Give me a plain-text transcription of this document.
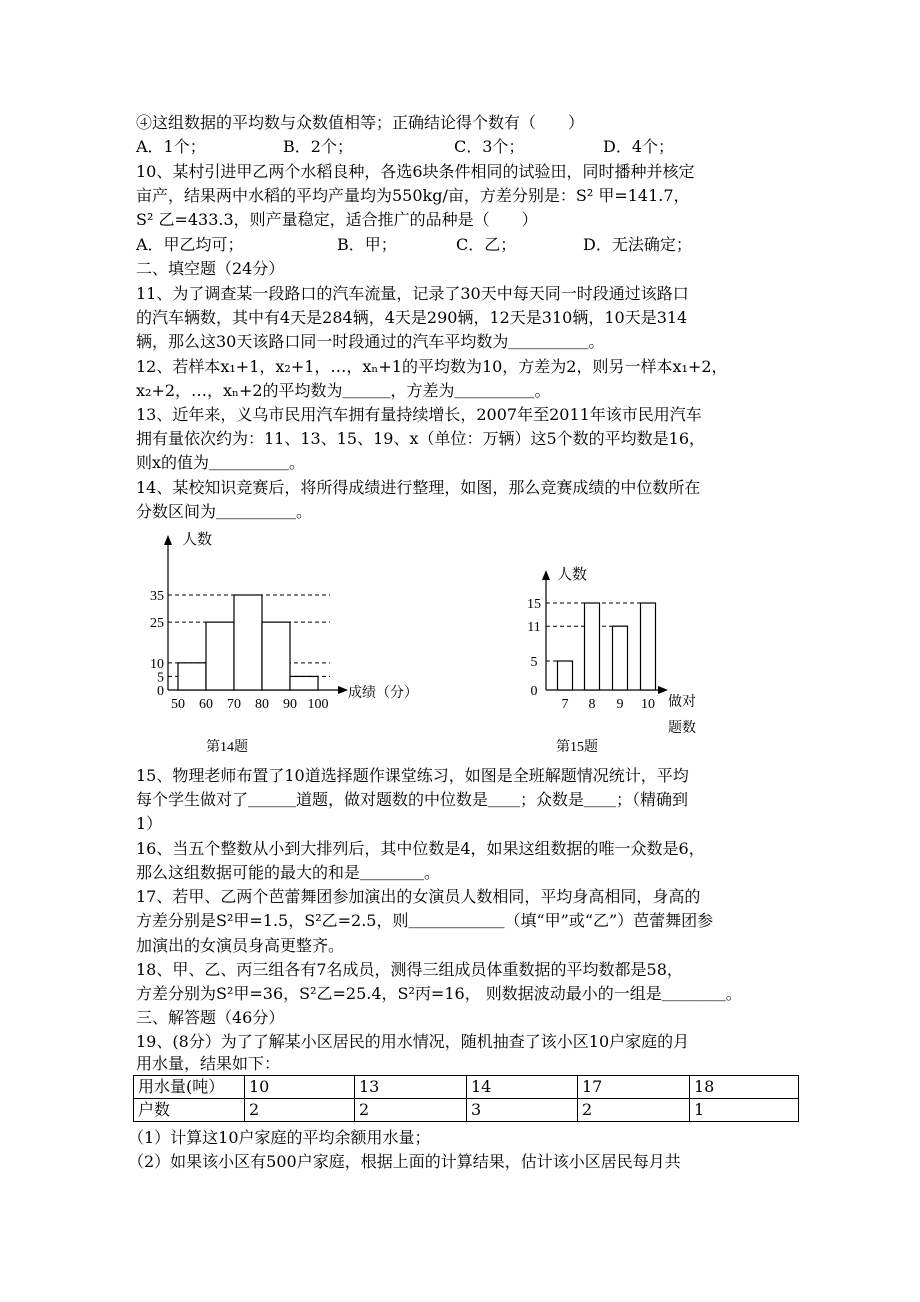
④这组数据的平均数与众数值相等；正确结论得个数有（　　）
A．1个；	B．2个；	C．3个；	D．4个；
10、某村引进甲乙两个水稻良种，各选6块条件相同的试验田，同时播种并核定
亩产，结果两中水稻的平均产量均为550kg/亩，方差分别是：S² 甲=141.7，
S² 乙=433.3，则产量稳定，适合推广的品种是（　　）
A．甲乙均可；	B．甲；	C．乙；	D．无法确定；
二、填空题（24分）
11、为了调查某一段路口的汽车流量，记录了30天中每天同一时段通过该路口
的汽车辆数，其中有4天是284辆，4天是290辆，12天是310辆，10天是314
辆，那么这30天该路口同一时段通过的汽车平均数为＿＿＿＿＿。
12、若样本x₁+1，x₂+1，…，xₙ+1的平均数为10，方差为2，则另一样本x₁+2，
x₂+2，…，xₙ+2的平均数为＿＿＿，方差为＿＿＿＿＿。
13、近年来，义乌市民用汽车拥有量持续增长，2007年至2011年该市民用汽车
拥有量依次约为：11、13、15、19、x（单位：万辆）这5个数的平均数是16，
则x的值为＿＿＿＿＿。
14、某校知识竞赛后，将所得成绩进行整理，如图，那么竞赛成绩的中位数所在
分数区间为＿＿＿＿＿。
0
5
10
25
35
50 60 70 80 90 100
人数
成绩（分）
第14题
0
5
11
15
7 8 9 10
人数
做对
题数
第15题
15、物理老师布置了10道选择题作课堂练习，如图是全班解题情况统计，平均
每个学生做对了＿＿＿道题，做对题数的中位数是＿＿；众数是＿＿；（精确到
1）
16、当五个整数从小到大排列后，其中位数是4，如果这组数据的唯一众数是6，
那么这组数据可能的最大的和是＿＿＿＿。
17、若甲、乙两个芭蕾舞团参加演出的女演员人数相同，平均身高相同，身高的
方差分别是S²甲=1.5，S²乙=2.5，则＿＿＿＿＿＿（填“甲”或“乙”）芭蕾舞团参
加演出的女演员身高更整齐。
18、甲、乙、丙三组各有7名成员，测得三组成员体重数据的平均数都是58，
方差分别为S²甲=36，S²乙=25.4，S²丙=16， 则数据波动最小的一组是＿＿＿＿。
三、解答题（46分）
19、(8分）为了了解某小区居民的用水情况，随机抽查了该小区10户家庭的月
用水量，结果如下：
用水量(吨）	10	13	14	17	18
户数	2	2	3	2	1
（1）计算这10户家庭的平均余额用水量；
（2）如果该小区有500户家庭，根据上面的计算结果，估计该小区居民每月共
